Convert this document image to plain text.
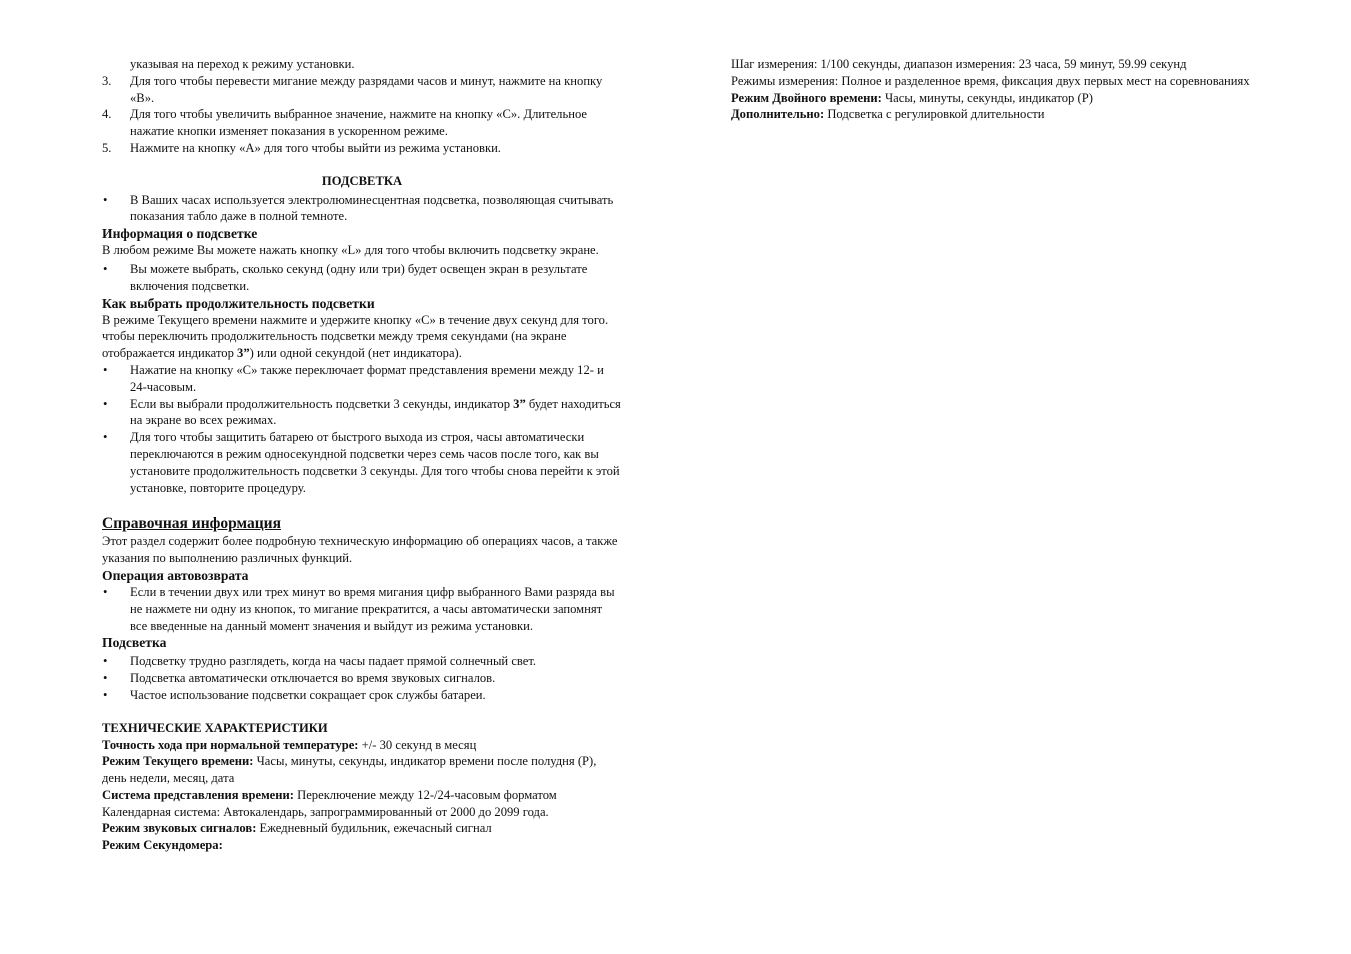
указывая на переход к режиму установки.

3. Для того чтобы перевести мигание между разрядами часов и минут, нажмите на кнопку «В».
4. Для того чтобы увеличить выбранное значение, нажмите на кнопку «С». Длительное нажатие кнопки изменяет показания в ускоренном режиме.
5. Нажмите на кнопку «А» для того чтобы выйти из режима установки.

ПОДСВЕТКА

• В Ваших часах используется электролюминесцентная подсветка, позволяющая считывать показания табло даже в полной темноте.

Информация о подсветке

В любом режиме Вы можете нажать кнопку «L» для того чтобы включить подсветку экране.

• Вы можете выбрать, сколько секунд (одну или три) будет освещен экран в результате включения подсветки.

Как выбрать продолжительность подсветки

В режиме Текущего времени нажмите и удержите кнопку «С» в течение двух секунд для того. чтобы переключить продолжительность подсветки между тремя секундами (на экране отображается индикатор 3”) или одной секундой (нет индикатора).

• Нажатие на кнопку «С» также переключает формат представления времени между 12- и 24-часовым.
• Если вы выбрали продолжительность подсветки 3 секунды, индикатор 3” будет находиться на экране во всех режимах.
• Для того чтобы защитить батарею от быстрого выхода из строя, часы автоматически переключаются в режим односекундной подсветки через семь часов после того, как вы установите продолжительность подсветки 3 секунды. Для того чтобы снова перейти к этой установке, повторите процедуру.

Справочная информация

Этот раздел содержит более подробную техническую информацию об операциях часов, а также указания по выполнению различных функций.

Операция автовозврата

• Если в течении двух или трех минут во время мигания цифр выбранного Вами разряда вы не нажмете ни одну из кнопок, то мигание прекратится, а часы автоматически запомнят все введенные на данный момент значения и выйдут из режима установки.

Подсветка

• Подсветку трудно разглядеть, когда на часы падает прямой солнечный свет.
• Подсветка автоматически отключается во время звуковых сигналов.
• Частое использование подсветки сокращает срок службы батареи.

ТЕХНИЧЕСКИЕ ХАРАКТЕРИСТИКИ

Точность хода при нормальной температуре: +/- 30 секунд в месяц

Режим Текущего времени: Часы, минуты, секунды, индикатор времени после полудня (Р), день недели, месяц, дата

Система представления времени: Переключение между 12-/24-часовым форматом

Календарная система: Автокалендарь, запрограммированный от 2000 до 2099 года.

Режим звуковых сигналов: Ежедневный будильник, ежечасный сигнал

Режим Секундомера:

Шаг измерения: 1/100 секунды, диапазон измерения: 23 часа, 59 минут, 59.99 секунд

Режимы измерения: Полное и разделенное время, фиксация двух первых мест на соревнованиях

Режим Двойного времени: Часы, минуты, секунды, индикатор (Р)

Дополнительно: Подсветка с регулировкой длительности
